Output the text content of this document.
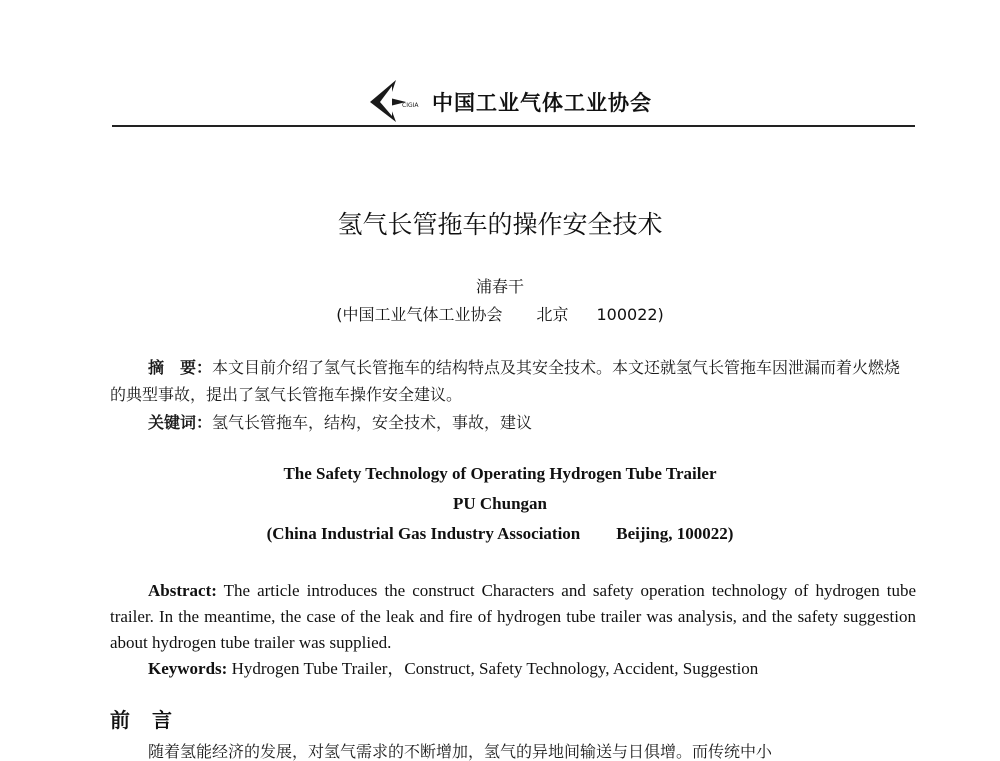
CIGIA 中国工业气体工业协会
氢气长管拖车的操作安全技术
浦春干
(中国工业气体工业协会 北京 100022)
摘　要：本文目前介绍了氢气长管拖车的结构特点及其安全技术。本文还就氢气长管拖车因泄漏而着火燃烧的典型事故，提出了氢气长管拖车操作安全建议。
关键词：氢气长管拖车，结构，安全技术，事故，建议
The Safety Technology of Operating Hydrogen Tube Trailer
PU Chungan
(China Industrial Gas Industry Association Beijing, 100022)
Abstract: The article introduces the construct Characters and safety operation technology of hydrogen tube trailer. In the meantime, the case of the leak and fire of hydrogen tube trailer was analysis, and the safety suggestion about hydrogen tube trailer was supplied.
Keywords: Hydrogen Tube Trailer，Construct, Safety Technology, Accident, Suggestion
前 言
随着氢能经济的发展，对氢气需求的不断增加，氢气的异地间输送与日俱增。而传统中小
